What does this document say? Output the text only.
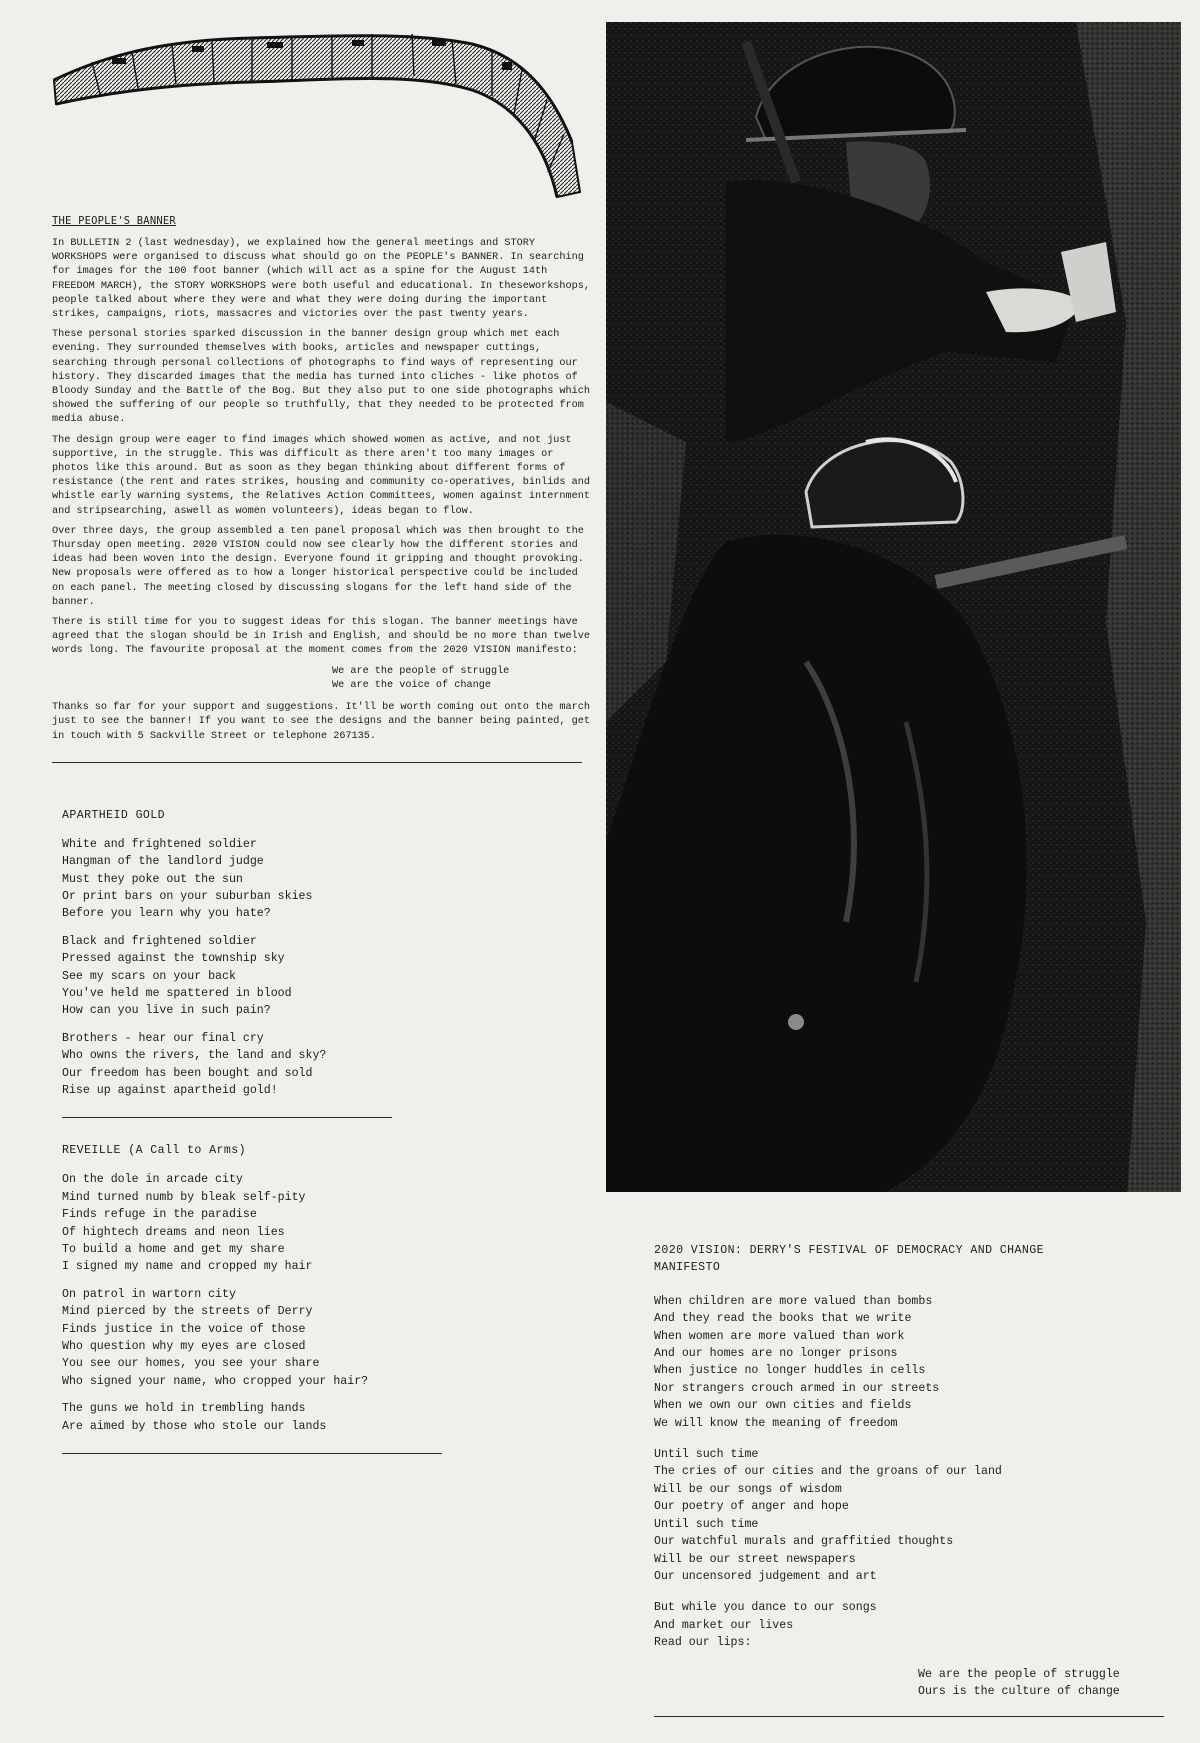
THE PEOPLE'S BANNER
In BULLETIN 2 (last Wednesday), we explained how the general meetings and STORY WORKSHOPS were organised to discuss what should go on the PEOPLE's BANNER. In searching for images for the 100 foot banner (which will act as a spine for the August 14th FREEDOM MARCH), the STORY WORKSHOPS were both useful and educational. In theseworkshops, people talked about where they were and what they were doing during the important strikes, campaigns, riots, massacres and victories over the past twenty years.
These personal stories sparked discussion in the banner design group which met each evening. They surrounded themselves with books, articles and newspaper cuttings, searching through personal collections of photographs to find ways of representing our history. They discarded images that the media has turned into cliches - like photos of Bloody Sunday and the Battle of the Bog. But they also put to one side photographs which showed the suffering of our people so truthfully, that they needed to be protected from media abuse.
The design group were eager to find images which showed women as active, and not just supportive, in the struggle. This was difficult as there aren't too many images or photos like this around. But as soon as they began thinking about different forms of resistance (the rent and rates strikes, housing and community co-operatives, binlids and whistle early warning systems, the Relatives Action Committees, women against internment and stripsearching, aswell as women volunteers), ideas began to flow.
Over three days, the group assembled a ten panel proposal which was then brought to the Thursday open meeting. 2020 VISION could now see clearly how the different stories and ideas had been woven into the design. Everyone found it gripping and thought provoking. New proposals were offered as to how a longer historical perspective could be included on each panel. The meeting closed by discussing slogans for the left hand side of the banner.
There is still time for you to suggest ideas for this slogan. The banner meetings have agreed that the slogan should be in Irish and English, and should be no more than twelve words long. The favourite proposal at the moment comes from the 2020 VISION manifesto:
We are the people of struggle
We are the voice of change
Thanks so far for your support and suggestions. It'll be worth coming out onto the march just to see the banner! If you want to see the designs and the banner being painted, get in touch with 5 Sackville Street or telephone 267135.
APARTHEID GOLD
White and frightened soldier
Hangman of the landlord judge
Must they poke out the sun
Or print bars on your suburban skies
Before you learn why you hate?
Black and frightened soldier
Pressed against the township sky
See my scars on your back
You've held me spattered in blood
How can you live in such pain?
Brothers - hear our final cry
Who owns the rivers, the land and sky?
Our freedom has been bought and sold
Rise up against apartheid gold!
REVEILLE (A Call to Arms)
On the dole in arcade city
Mind turned numb by bleak self-pity
Finds refuge in the paradise
Of hightech dreams and neon lies
To build a home and get my share
I signed my name and cropped my hair
On patrol in wartorn city
Mind pierced by the streets of Derry
Finds justice in the voice of those
Who question why my eyes are closed
You see our homes, you see your share
Who signed your name, who cropped your hair?
The guns we hold in trembling hands
Are aimed by those who stole our lands
2020 VISION: DERRY'S FESTIVAL OF DEMOCRACY AND CHANGE
MANIFESTO
When children are more valued than bombs
And they read the books that we write
When women are more valued than work
And our homes are no longer prisons
When justice no longer huddles in cells
Nor strangers crouch armed in our streets
When we own our own cities and fields
We will know the meaning of freedom
Until such time
The cries of our cities and the groans of our land
Will be our songs of wisdom
Our poetry of anger and hope
Until such time
Our watchful murals and graffitied thoughts
Will be our street newspapers
Our uncensored judgement and art
But while you dance to our songs
And market our lives
Read our lips:
We are the people of struggle
Ours is the culture of change
